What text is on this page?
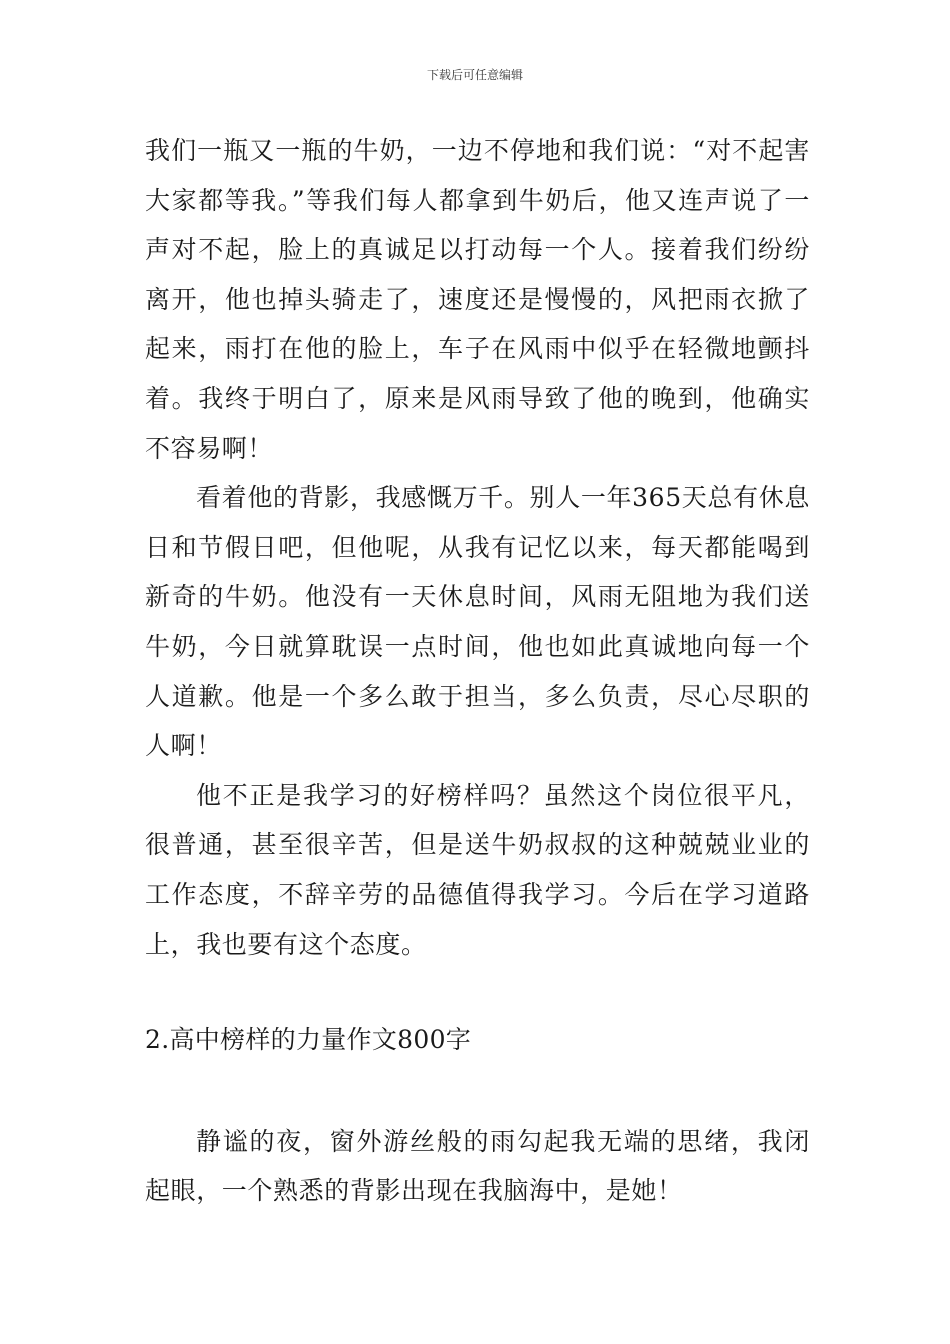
下载后可任意编辑

我们一瓶又一瓶的牛奶，一边不停地和我们说：“对不起害大家都等我。”等我们每人都拿到牛奶后，他又连声说了一声对不起，脸上的真诚足以打动每一个人。接着我们纷纷离开，他也掉头骑走了，速度还是慢慢的，风把雨衣掀了起来，雨打在他的脸上，车子在风雨中似乎在轻微地颤抖着。我终于明白了，原来是风雨导致了他的晚到，他确实不容易啊！

看着他的背影，我感慨万千。别人一年365天总有休息日和节假日吧，但他呢，从我有记忆以来，每天都能喝到新奇的牛奶。他没有一天休息时间，风雨无阻地为我们送牛奶，今日就算耽误一点时间，他也如此真诚地向每一个人道歉。他是一个多么敢于担当，多么负责，尽心尽职的人啊！

他不正是我学习的好榜样吗？虽然这个岗位很平凡，很普通，甚至很辛苦，但是送牛奶叔叔的这种兢兢业业的工作态度，不辞辛劳的品德值得我学习。今后在学习道路上，我也要有这个态度。

2.高中榜样的力量作文800字

静谧的夜，窗外游丝般的雨勾起我无端的思绪，我闭起眼，一个熟悉的背影出现在我脑海中，是她！
